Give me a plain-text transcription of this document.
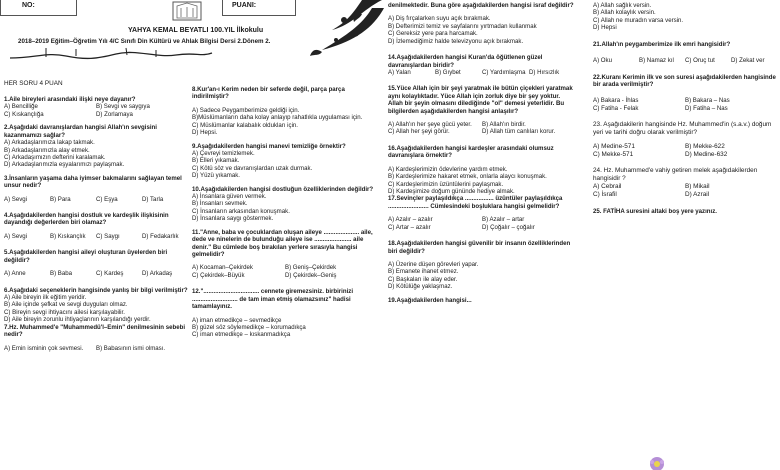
NO:	PUANI:
YAHYA KEMAL BEYATLI 100.YIL İlkokulu
2018–2019 Eğitim–Öğretim Yılı 4/C Sınıfı Din Kültürü ve Ahlak Bilgisi Dersi 2.Dönem 2.
HER SORU 4 PUAN

1.Aile bireyleri arasındaki ilişki neye dayanır?

A) Bencilliğe	B) Sevgi ve saygıya
C) Kıskançlığa	D) Zorlamaya

2.Aşağıdaki davranışlardan hangisi Allah'ın sevgisini kazanmamızı sağlar?

A) Arkadaşlarımıza lakap takmak.

B) Arkadaşlarımızla alay etmek.

C) Arkadaşımızın defterini karalamak.

D) Arkadaşlarımızla eşyalarımızı paylaşmak.

3.İnsanların yaşama daha iyimser bakmalarını sağlayan temel unsur nedir?

A) Sevgi	B) Para	C) Eşya	D) Tarla

4.Aşağıdakilerden hangisi dostluk ve kardeşlik ilişkisinin dayandığı değerlerden biri olamaz?

A) Sevgi	B) Kıskançlık	C) Saygı	D) Fedakarlık

5.Aşağıdakilerden hangisi aileyi oluşturan üyelerden biri değildir?

A) Anne	B) Baba	C) Kardeş	D) Arkadaş

6.Aşağıdaki seçeneklerin hangisinde yanlış bir bilgi verilmiştir?

A) Aile bireyin ilk eğitim yeridir.

B) Aile içinde şefkat ve sevgi duyguları olmaz.

C) Bireyin sevgi ihtiyacını ailesi karşılayabilir.

D) Aile bireyin zorunlu ihtiyaçlarının karşılandığı yerdir.

7.Hz. Muhammed'e "Muhammedü'l–Emin" denilmesinin sebebi nedir?

A) Emin isminin çok sevmesi.	B) Babasının ismi olması.

8.Kur'an-ı Kerim neden bir seferde değil, parça parça indirilmiştir?

A) Sadece Peygamberimize geldiği için.

B)Müslümanların daha kolay anlayıp rahatlıkla uygulaması için.

C) Müslümanlar kalabalık oldukları için.

D) Hepsi.

9.Aşağıdakilerden hangisi manevi temizliğe örnektir?

A) Çevreyi temizlemek.

B) Elleri yıkamak.

C) Kötü söz ve davranışlardan uzak durmak.

D) Yüzü yıkamak.

10.Aşağıdakilerden hangisi dostluğun özelliklerinden değildir?

A) İnsanlara güven vermek.

B) İnsanları sevmek.

C) İnsanların arkasından konuşmak.

D) İnsanlara saygı göstermek.

11."Anne, baba ve çocuklardan oluşan aileye ..................... aile, dede ve ninelerin de bulunduğu aileye ise ...................... aile denir." Bu cümlede boş bırakılan yerlere sırasıyla hangisi gelmelidir?

A) Kocaman–Çekirdek	B) Geniş–Çekirdek
C) Çekirdek–Büyük	D) Çekirdek–Geniş

12."................................. cennete giremezsiniz. birbirinizi ........................... de tam iman etmiş olamazsınız" hadisi tamamlayınız.

A) iman etmedikçe – sevmedikçe

B) güzel söz söylemedikçe – korumadıkça

C) iman etmedikçe – kıskanmadıkça

denilmektedir. Buna göre aşağıdakilerden hangisi israf değildir?

A) Diş fırçalarken suyu açık bırakmak.

B) Defterimizi temiz ve sayfalarını yırtmadan kullanmak

C) Gereksiz yere para harcamak.

D) İzlemediğimiz halde televizyonu açık bırakmak.

14.Aşağıdakilerden hangisi Kuran'da öğütlenen güzel davranışlardan biridir?

A) Yalan	B) Gıybet	C) Yardımlaşma D) Hırsızlık

15.Yüce Allah için bir şeyi yaratmak ile bütün çiçekleri yaratmak aynı kolaylıktadır. Yüce Allah için zorluk diye bir şey yoktur. Allah bir şeyin olmasını dilediğinde "ol" demesi yeterlidir. Bu bilgilerden aşağıdakilerden hangisi anlaşılır?

A) Allah'ın her şeye gücü yeter.	B) Allah'ın birdir.
C) Allah her şeyi görür.	D) Allah tüm canlıları korur.

16.Aşağıdakilerden hangisi kardeşler arasındaki olumsuz davranışlara örnektir?

A) Kardeşlerimizin ödevlerine yardım etmek.

B) Kardeşlerimize hakaret etmek, onlarla alaycı konuşmak.

C) Kardeşlerimizin üzüntülerini paylaşmak.

D) Kardeşimize doğum gününde hediye almak.

17.Sevinçler paylaşıldıkça ................. üzüntüler paylaşıldıkça ........................ Cümlesindeki boşluklara hangisi gelmelidir?

A) Azalır – azalır	B) Azalır – artar
C) Artar – azalır	D) Çoğalır – çoğalır

18.Aşağıdakilerden hangisi güvenilir bir insanın özelliklerinden biri değildir?

A) Üzerine düşen görevleri yapar.

B) Emanete ihanet etmez.

C) Başkaları ile alay eder.

D) Kötülüğe yaklaşmaz.

19.Aşağıdakilerden hangisi...

A) Allah sağlık versin.

B) Allah kolaylık versin.

C) Allah ne muradın varsa versin.

D) Hepsi

21.Allah'ın peygamberimize ilk emri hangisidir?

A) Oku	B) Namaz kıl	C) Oruç tut	D) Zekat ver

22.Kuranı Kerimin ilk ve son suresi aşağıdakilerden hangisinde bir arada verilmiştir?

A) Bakara - İhlas	B) Bakara – Nas
C) Fatiha - Felak	D) Fatiha – Nas

23. Aşağıdakilerin hangisinde Hz. Muhammed'in (s.a.v.) doğum yeri ve tarihi doğru olarak verilmiştir?

A) Medine-571	B) Mekke-622
C) Mekke-571	D) Medine-632

24. Hz. Muhammed'e vahiy getiren melek aşağıdakilerden hangisidir ?

A) Cebrail	B) Mikail
C) İsrafil	D) Azrail

25. FATİHA suresini altaki boş yere yazınız.
